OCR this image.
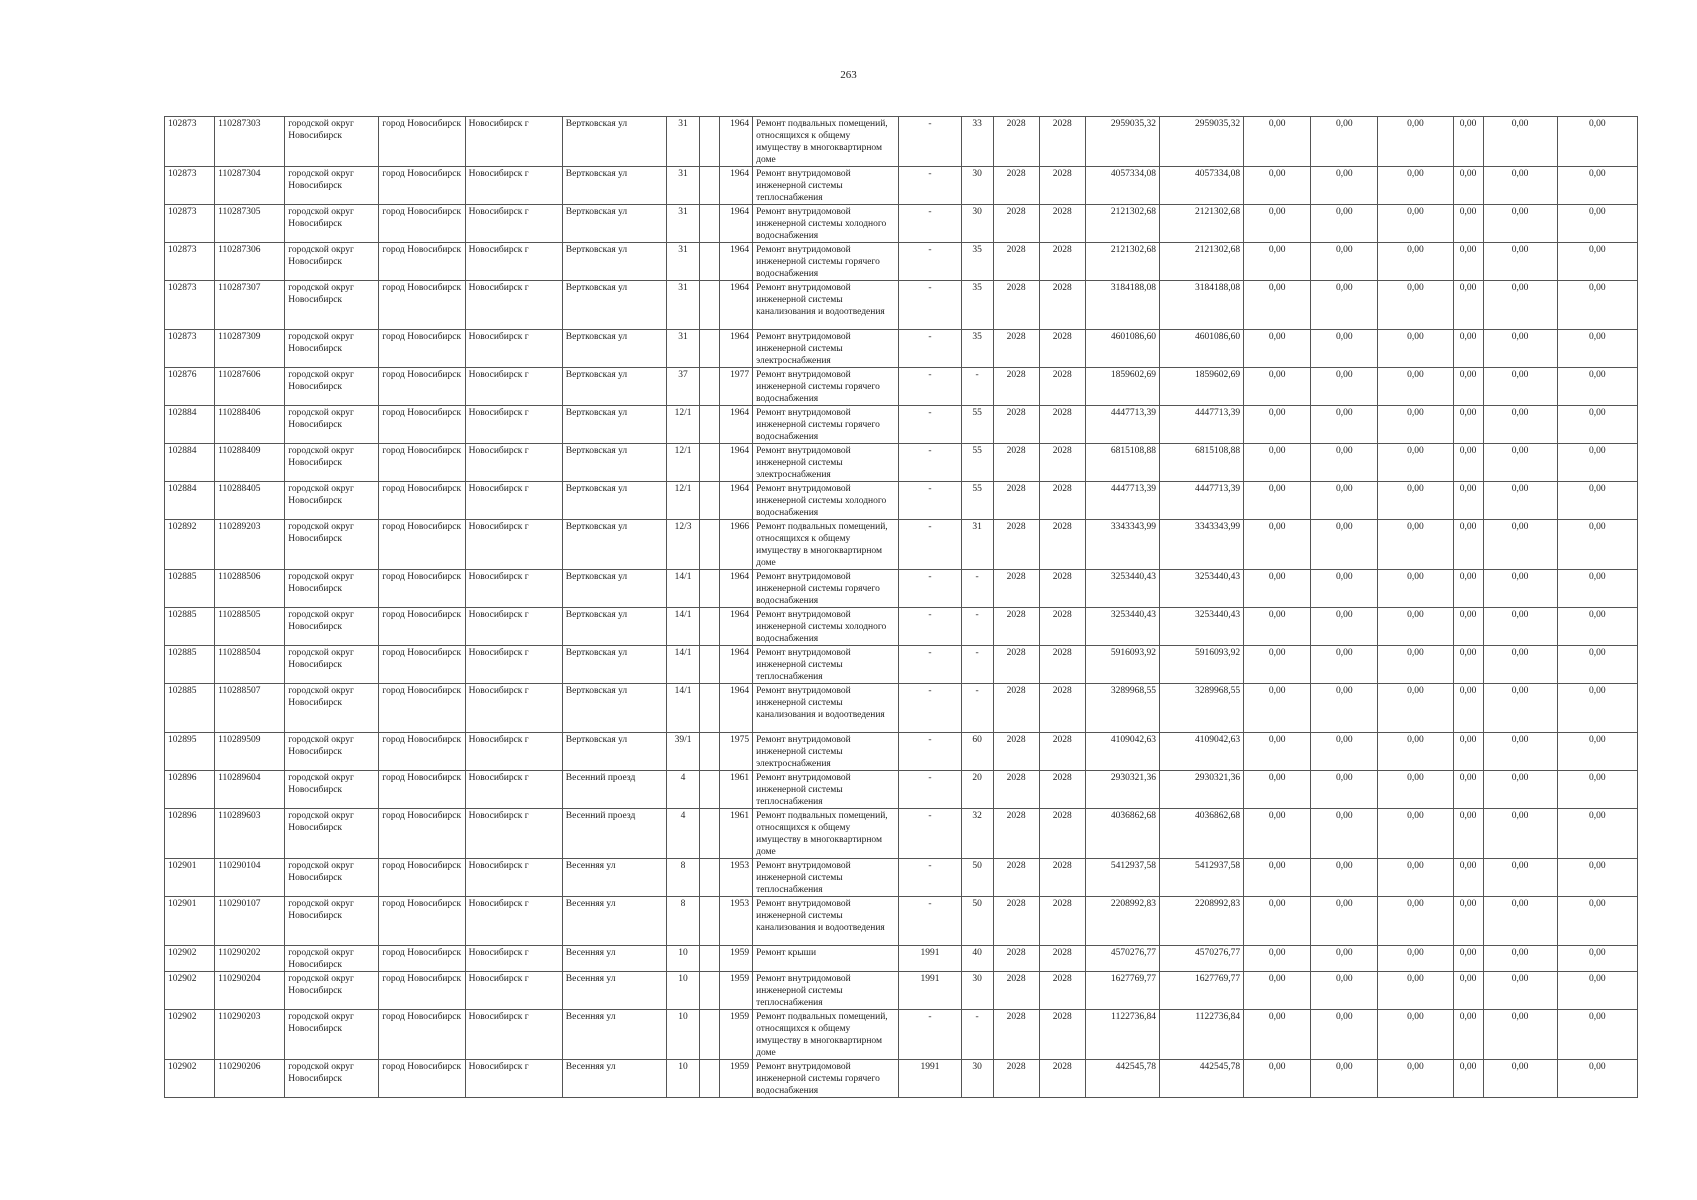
263
102873	110287303	городской округ Новосибирск	город Новосибирск	Новосибирск г	Вертковская ул	31		1964	Ремонт подвальных помещений, относящихся к общему имуществу в многоквартирном доме	-	33	2028	2028	2959035,32	2959035,32	0,00	0,00	0,00	0,00	0,00	0,00
102873	110287304	городской округ Новосибирск	город Новосибирск	Новосибирск г	Вертковская ул	31		1964	Ремонт внутридомовой инженерной системы теплоснабжения	-	30	2028	2028	4057334,08	4057334,08	0,00	0,00	0,00	0,00	0,00	0,00
102873	110287305	городской округ Новосибирск	город Новосибирск	Новосибирск г	Вертковская ул	31		1964	Ремонт внутридомовой инженерной системы холодного водоснабжения	-	30	2028	2028	2121302,68	2121302,68	0,00	0,00	0,00	0,00	0,00	0,00
102873	110287306	городской округ Новосибирск	город Новосибирск	Новосибирск г	Вертковская ул	31		1964	Ремонт внутридомовой инженерной системы горячего водоснабжения	-	35	2028	2028	2121302,68	2121302,68	0,00	0,00	0,00	0,00	0,00	0,00
102873	110287307	городской округ Новосибирск	город Новосибирск	Новосибирск г	Вертковская ул	31		1964	Ремонт внутридомовой инженерной системы канализования и водоотведения	-	35	2028	2028	3184188,08	3184188,08	0,00	0,00	0,00	0,00	0,00	0,00
102873	110287309	городской округ Новосибирск	город Новосибирск	Новосибирск г	Вертковская ул	31		1964	Ремонт внутридомовой инженерной системы электроснабжения	-	35	2028	2028	4601086,60	4601086,60	0,00	0,00	0,00	0,00	0,00	0,00
102876	110287606	городской округ Новосибирск	город Новосибирск	Новосибирск г	Вертковская ул	37		1977	Ремонт внутридомовой инженерной системы горячего водоснабжения	-	-	2028	2028	1859602,69	1859602,69	0,00	0,00	0,00	0,00	0,00	0,00
102884	110288406	городской округ Новосибирск	город Новосибирск	Новосибирск г	Вертковская ул	12/1		1964	Ремонт внутридомовой инженерной системы горячего водоснабжения	-	55	2028	2028	4447713,39	4447713,39	0,00	0,00	0,00	0,00	0,00	0,00
102884	110288409	городской округ Новосибирск	город Новосибирск	Новосибирск г	Вертковская ул	12/1		1964	Ремонт внутридомовой инженерной системы электроснабжения	-	55	2028	2028	6815108,88	6815108,88	0,00	0,00	0,00	0,00	0,00	0,00
102884	110288405	городской округ Новосибирск	город Новосибирск	Новосибирск г	Вертковская ул	12/1		1964	Ремонт внутридомовой инженерной системы холодного водоснабжения	-	55	2028	2028	4447713,39	4447713,39	0,00	0,00	0,00	0,00	0,00	0,00
102892	110289203	городской округ Новосибирск	город Новосибирск	Новосибирск г	Вертковская ул	12/3		1966	Ремонт подвальных помещений, относящихся к общему имуществу в многоквартирном доме	-	31	2028	2028	3343343,99	3343343,99	0,00	0,00	0,00	0,00	0,00	0,00
102885	110288506	городской округ Новосибирск	город Новосибирск	Новосибирск г	Вертковская ул	14/1		1964	Ремонт внутридомовой инженерной системы горячего водоснабжения	-	-	2028	2028	3253440,43	3253440,43	0,00	0,00	0,00	0,00	0,00	0,00
102885	110288505	городской округ Новосибирск	город Новосибирск	Новосибирск г	Вертковская ул	14/1		1964	Ремонт внутридомовой инженерной системы холодного водоснабжения	-	-	2028	2028	3253440,43	3253440,43	0,00	0,00	0,00	0,00	0,00	0,00
102885	110288504	городской округ Новосибирск	город Новосибирск	Новосибирск г	Вертковская ул	14/1		1964	Ремонт внутридомовой инженерной системы теплоснабжения	-	-	2028	2028	5916093,92	5916093,92	0,00	0,00	0,00	0,00	0,00	0,00
102885	110288507	городской округ Новосибирск	город Новосибирск	Новосибирск г	Вертковская ул	14/1		1964	Ремонт внутридомовой инженерной системы канализования и водоотведения	-	-	2028	2028	3289968,55	3289968,55	0,00	0,00	0,00	0,00	0,00	0,00
102895	110289509	городской округ Новосибирск	город Новосибирск	Новосибирск г	Вертковская ул	39/1		1975	Ремонт внутридомовой инженерной системы электроснабжения	-	60	2028	2028	4109042,63	4109042,63	0,00	0,00	0,00	0,00	0,00	0,00
102896	110289604	городской округ Новосибирск	город Новосибирск	Новосибирск г	Весенний проезд	4		1961	Ремонт внутридомовой инженерной системы теплоснабжения	-	20	2028	2028	2930321,36	2930321,36	0,00	0,00	0,00	0,00	0,00	0,00
102896	110289603	городской округ Новосибирск	город Новосибирск	Новосибирск г	Весенний проезд	4		1961	Ремонт подвальных помещений, относящихся к общему имуществу в многоквартирном доме	-	32	2028	2028	4036862,68	4036862,68	0,00	0,00	0,00	0,00	0,00	0,00
102901	110290104	городской округ Новосибирск	город Новосибирск	Новосибирск г	Весенняя ул	8		1953	Ремонт внутридомовой инженерной системы теплоснабжения	-	50	2028	2028	5412937,58	5412937,58	0,00	0,00	0,00	0,00	0,00	0,00
102901	110290107	городской округ Новосибирск	город Новосибирск	Новосибирск г	Весенняя ул	8		1953	Ремонт внутридомовой инженерной системы канализования и водоотведения	-	50	2028	2028	2208992,83	2208992,83	0,00	0,00	0,00	0,00	0,00	0,00
102902	110290202	городской округ Новосибирск	город Новосибирск	Новосибирск г	Весенняя ул	10		1959	Ремонт крыши	1991	40	2028	2028	4570276,77	4570276,77	0,00	0,00	0,00	0,00	0,00	0,00
102902	110290204	городской округ Новосибирск	город Новосибирск	Новосибирск г	Весенняя ул	10		1959	Ремонт внутридомовой инженерной системы теплоснабжения	1991	30	2028	2028	1627769,77	1627769,77	0,00	0,00	0,00	0,00	0,00	0,00
102902	110290203	городской округ Новосибирск	город Новосибирск	Новосибирск г	Весенняя ул	10		1959	Ремонт подвальных помещений, относящихся к общему имуществу в многоквартирном доме	-	-	2028	2028	1122736,84	1122736,84	0,00	0,00	0,00	0,00	0,00	0,00
102902	110290206	городской округ Новосибирск	город Новосибирск	Новосибирск г	Весенняя ул	10		1959	Ремонт внутридомовой инженерной системы горячего водоснабжения	1991	30	2028	2028	442545,78	442545,78	0,00	0,00	0,00	0,00	0,00	0,00
